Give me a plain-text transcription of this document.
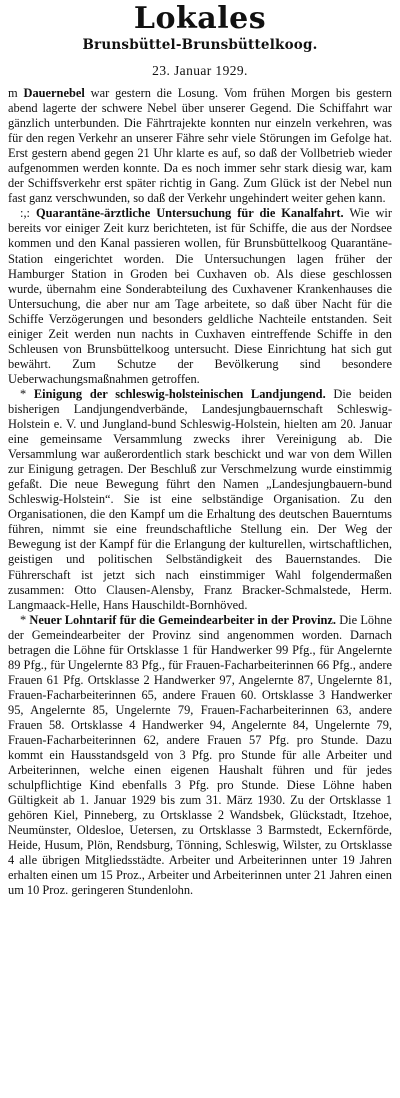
Lokales
Brunsbüttel-Brunsbüttelkoog.
23. Januar 1929.

m Dauernebel war gestern die Losung. Vom frühen Morgen bis gestern abend lagerte der schwere Nebel über unserer Gegend. Die Schiffahrt war gänzlich unterbunden. Die Fährtrajekte konnten nur einzeln verkehren, was für den regen Verkehr an unserer Fähre sehr viele Störungen im Gefolge hat. Erst gestern abend gegen 21 Uhr klarte es auf, so daß der Vollbetrieb wieder aufgenommen werden konnte. Da es noch immer sehr stark diesig war, kam der Schiffsverkehr erst später richtig in Gang. Zum Glück ist der Nebel nun fast ganz verschwunden, so daß der Verkehr ungehindert weiter gehen kann.

:,: Quarantäne-ärztliche Untersuchung für die Kanalfahrt. Wie wir bereits vor einiger Zeit kurz berichteten, ist für Schiffe, die aus der Nordsee kommen und den Kanal passieren wollen, für Brunsbüttelkoog Quarantäne-Station eingerichtet worden. Die Untersuchungen lagen früher der Hamburger Station in Groden bei Cuxhaven ob. Als diese geschlossen wurde, übernahm eine Sonderabteilung des Cuxhavener Krankenhauses die Untersuchung, die aber nur am Tage arbeitete, so daß über Nacht für die Schiffe Verzögerungen und besonders geldliche Nachteile entstanden. Seit einiger Zeit werden nun nachts in Cuxhaven eintreffende Schiffe in den Schleusen von Brunsbüttelkoog untersucht. Diese Einrichtung hat sich gut bewährt. Zum Schutze der Bevölkerung sind besondere Ueberwachungsmaßnahmen getroffen.

* Einigung der schleswig-holsteinischen Landjungend. Die beiden bisherigen Landjungendverbände, Landesjungbauernschaft Schleswig-Holstein e. V. und Jungland-bund Schleswig-Holstein, hielten am 20. Januar eine gemeinsame Versammlung zwecks ihrer Vereinigung ab. Die Versammlung war außerordentlich stark beschickt und war von dem Willen zur Einigung getragen. Der Beschluß zur Verschmelzung wurde einstimmig gefaßt. Die neue Bewegung führt den Namen „Landesjungbauern-bund Schleswig-Holstein“. Sie ist eine selbständige Organisation. Zu den Organisationen, die den Kampf um die Erhaltung des deutschen Bauerntums führen, nimmt sie eine freundschaftliche Stellung ein. Der Weg der Bewegung ist der Kampf für die Erlangung der kulturellen, wirtschaftlichen, geistigen und politischen Selbständigkeit des Bauernstandes. Die Führerschaft ist jetzt sich nach einstimmiger Wahl folgendermaßen zusammen: Otto Clausen-Alensby, Franz Bracker-Schmalstede, Herm. Langmaack-Helle, Hans Hauschildt-Bornhöved.

* Neuer Lohntarif für die Gemeindearbeiter in der Provinz. Die Löhne der Gemeindearbeiter der Provinz sind angenommen worden. Darnach betragen die Löhne für Ortsklasse 1 für Handwerker 99 Pfg., für Angelernte 89 Pfg., für Ungelernte 83 Pfg., für Frauen-Facharbeiterinnen 66 Pfg., andere Frauen 61 Pfg. Ortsklasse 2 Handwerker 97, Angelernte 87, Ungelernte 81, Frauen-Facharbeiterinnen 65, andere Frauen 60. Ortsklasse 3 Handwerker 95, Angelernte 85, Ungelernte 79, Frauen-Facharbeiterinnen 63, andere Frauen 58. Ortsklasse 4 Handwerker 94, Angelernte 84, Ungelernte 79, Frauen-Facharbeiterinnen 62, andere Frauen 57 Pfg. pro Stunde. Dazu kommt ein Hausstandsgeld von 3 Pfg. pro Stunde für alle Arbeiter und Arbeiterinnen, welche einen eigenen Haushalt führen und für jedes schulpflichtige Kind ebenfalls 3 Pfg. pro Stunde. Diese Löhne haben Gültigkeit ab 1. Januar 1929 bis zum 31. März 1930. Zu der Ortsklasse 1 gehören Kiel, Pinneberg, zu Ortsklasse 2 Wandsbek, Glückstadt, Itzehoe, Neumünster, Oldesloe, Uetersen, zu Ortsklasse 3 Barmstedt, Eckernförde, Heide, Husum, Plön, Rendsburg, Tönning, Schleswig, Wilster, zu Ortsklasse 4 alle übrigen Mitgliedsstädte. Arbeiter und Arbeiterinnen unter 19 Jahren erhalten einen um 15 Proz., Arbeiter und Arbeiterinnen unter 21 Jahren einen um 10 Proz. geringeren Stundenlohn.
